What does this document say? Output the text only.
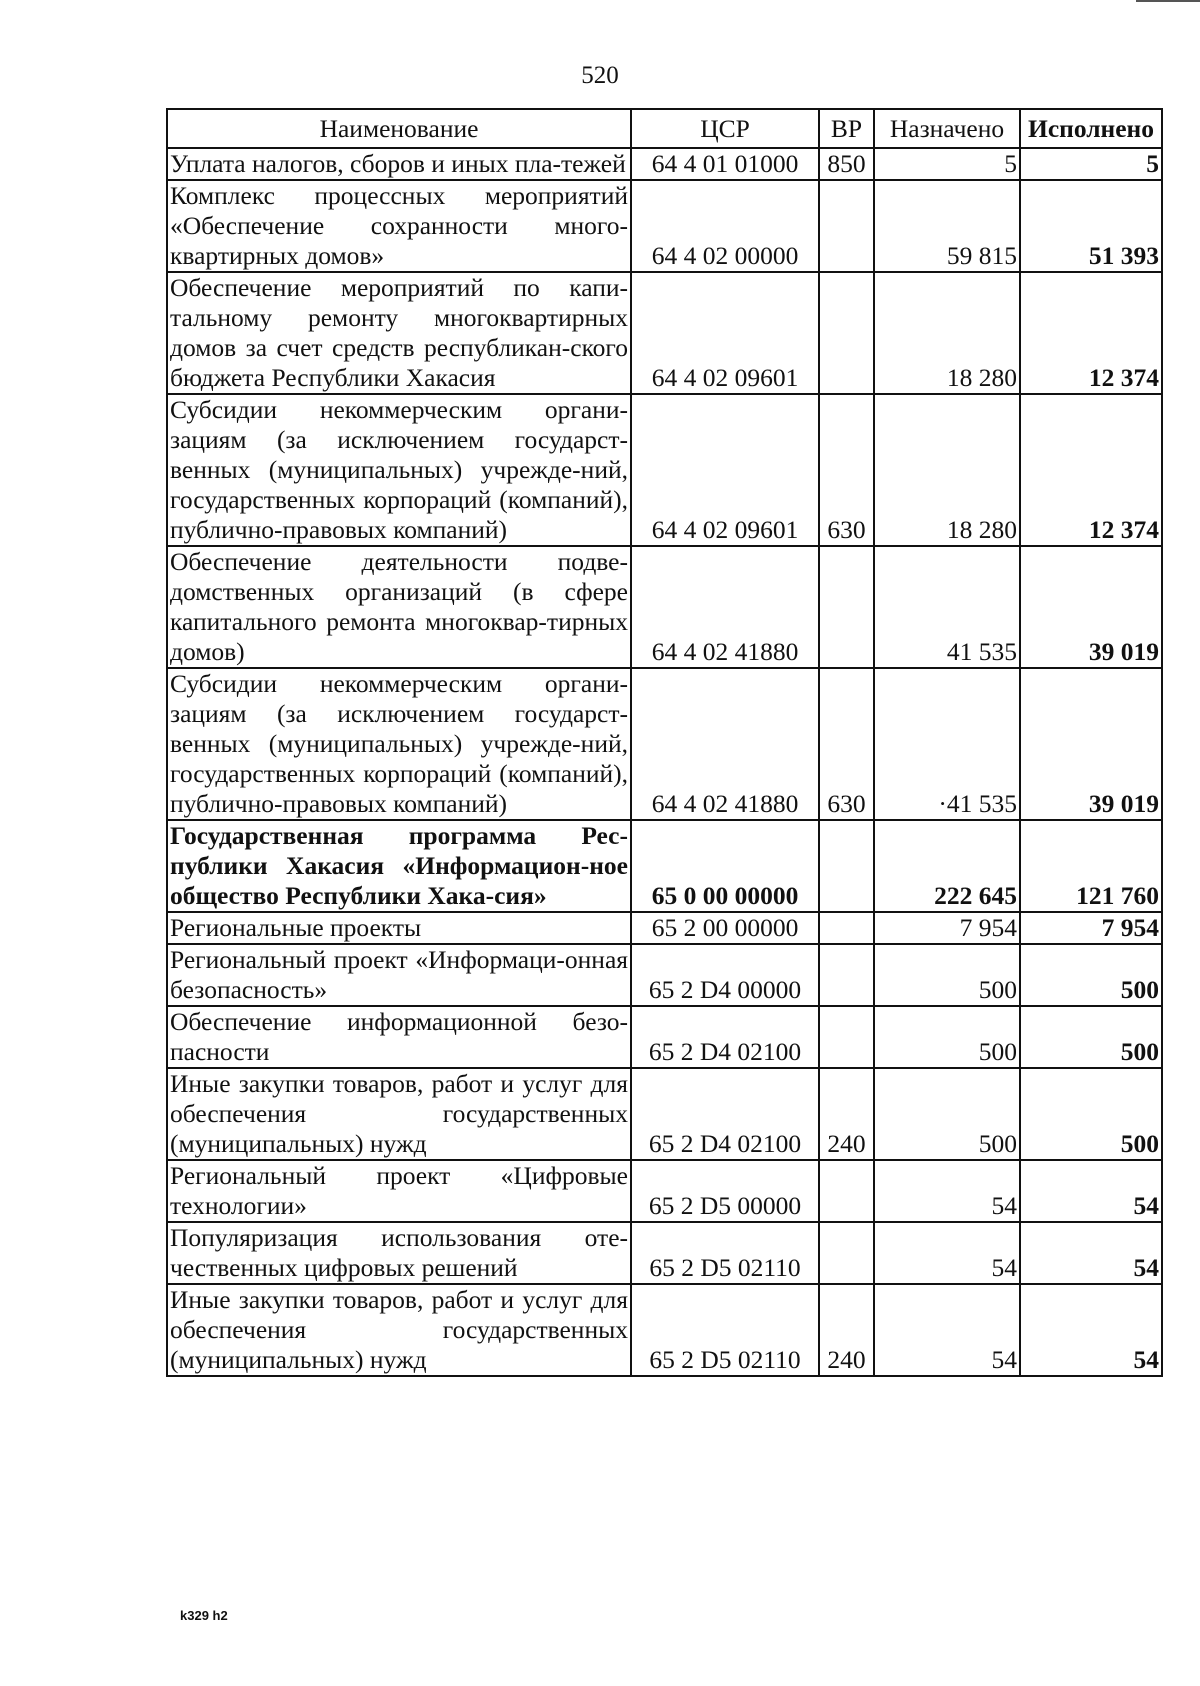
520
Наименование	ЦСР	ВР	Назначено	Исполнено
Уплата налогов, сборов и иных пла-тежей	64 4 01 01000	850	5	5
Комплекс процессных мероприятий «Обеспечение сохранности много-квартирных домов»	64 4 02 00000		59 815	51 393
Обеспечение мероприятий по капи-тальному ремонту многоквартирных домов за счет средств республикан-ского бюджета Республики Хакасия	64 4 02 09601		18 280	12 374
Субсидии некоммерческим органи-зациям (за исключением государст-венных (муниципальных) учрежде-ний, государственных корпораций (компаний), публично-правовых компаний)	64 4 02 09601	630	18 280	12 374
Обеспечение деятельности подве-домственных организаций (в сфере капитального ремонта многоквар-тирных домов)	64 4 02 41880		41 535	39 019
Субсидии некоммерческим органи-зациям (за исключением государст-венных (муниципальных) учрежде-ний, государственных корпораций (компаний), публично-правовых компаний)	64 4 02 41880	630	·41 535	39 019
Государственная программа Рес-публики Хакасия «Информацион-ное общество Республики Хака-сия»	65 0 00 00000		222 645	121 760
Региональные проекты	65 2 00 00000		7 954	7 954
Региональный проект «Информаци-онная безопасность»	65 2 D4 00000		500	500
Обеспечение информационной безо-пасности	65 2 D4 02100		500	500
Иные закупки товаров, работ и услуг для обеспечения государственных (муниципальных) нужд	65 2 D4 02100	240	500	500
Региональный проект «Цифровые технологии»	65 2 D5 00000		54	54
Популяризация использования оте-чественных цифровых решений	65 2 D5 02110		54	54
Иные закупки товаров, работ и услуг для обеспечения государственных (муниципальных) нужд	65 2 D5 02110	240	54	54
k329 h2
